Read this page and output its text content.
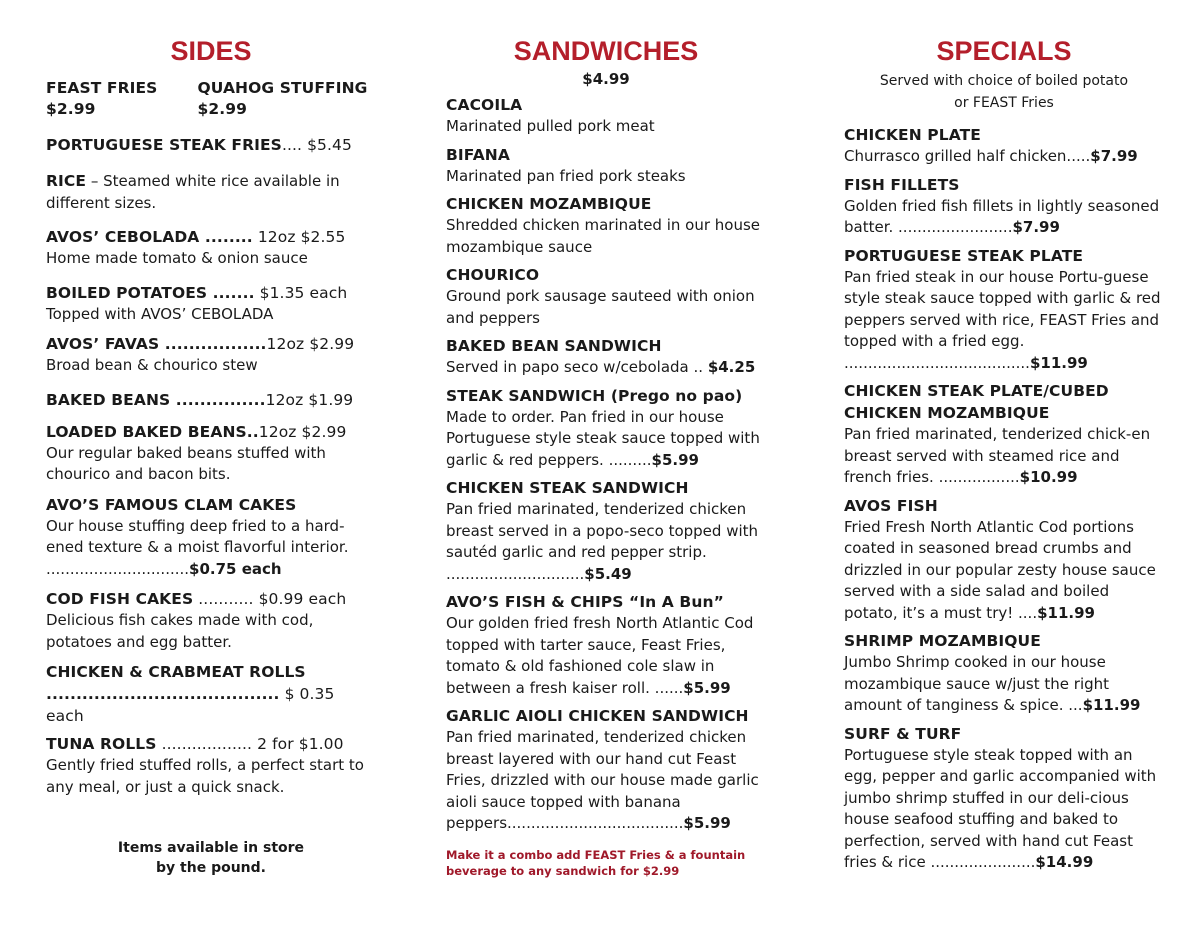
SIDES
FEAST FRIES
$2.99
QUAHOG STUFFING
$2.99
PORTUGUESE STEAK FRIES.... $5.45
RICE – Steamed white rice available in different sizes.
AVOS’ CEBOLADA ........ 12oz $2.55
Home made tomato & onion sauce
BOILED POTATOES ....... $1.35 each
Topped with AVOS’ CEBOLADA
AVOS’ FAVAS .................12oz $2.99
Broad bean & chourico stew
BAKED BEANS ...............12oz $1.99
LOADED BAKED BEANS..12oz $2.99
Our regular baked beans stuffed with chourico and bacon bits.
AVO’S FAMOUS CLAM CAKES
Our house stuffing deep fried to a hard-ened texture & a moist flavorful interior. ..............................$0.75 each
COD FISH CAKES ........... $0.99 each
Delicious fish cakes made with cod, potatoes and egg batter.
CHICKEN & CRABMEAT ROLLS
....................................... $ 0.35 each
TUNA ROLLS .................. 2 for $1.00
Gently fried stuffed rolls, a perfect start to any meal, or just a quick snack.
Items available in store
by the pound.
SANDWICHES
$4.99
CACOILA
Marinated pulled pork meat
BIFANA
Marinated pan fried pork steaks
CHICKEN MOZAMBIQUE
Shredded chicken marinated in our house mozambique sauce
CHOURICO
Ground pork sausage sauteed with onion and peppers
BAKED BEAN SANDWICH
Served in papo seco w/cebolada .. $4.25
STEAK SANDWICH (Prego no pao)
Made to order. Pan fried in our house Portuguese style steak sauce topped with garlic & red peppers. .........$5.99
CHICKEN STEAK SANDWICH
Pan fried marinated, tenderized chicken breast served in a popo-seco topped with sautéd garlic and red pepper strip. .............................$5.49
AVO’S FISH & CHIPS “In A Bun”
Our golden fried fresh North Atlantic Cod topped with tarter sauce, Feast Fries, tomato & old fashioned cole slaw in between a fresh kaiser roll. ......$5.99
GARLIC AIOLI CHICKEN SANDWICH
Pan fried marinated, tenderized chicken breast layered with our hand cut Feast Fries, drizzled with our house made garlic aioli sauce topped with banana peppers.....................................$5.99
Make it a combo add FEAST Fries & a fountain
beverage to any sandwich for $2.99
SPECIALS
Served with choice of boiled potato
or FEAST Fries
CHICKEN PLATE
Churrasco grilled half chicken.....$7.99
FISH FILLETS
Golden fried fish fillets in lightly seasoned batter. ........................$7.99
PORTUGUESE STEAK PLATE
Pan fried steak in our house Portu-guese style steak sauce topped with garlic & red peppers served with rice, FEAST Fries and topped with a fried egg. .......................................$11.99
CHICKEN STEAK PLATE/CUBED CHICKEN MOZAMBIQUE
Pan fried marinated, tenderized chick-en breast served with steamed rice and french fries. .................$10.99
AVOS FISH
Fried Fresh North Atlantic Cod portions coated in seasoned bread crumbs and drizzled in our popular zesty house sauce served with a side salad and boiled potato, it’s a must try! ....$11.99
SHRIMP MOZAMBIQUE
Jumbo Shrimp cooked in our house mozambique sauce w/just the right amount of tanginess & spice. ...$11.99
SURF & TURF
Portuguese style steak topped with an egg, pepper and garlic accompanied with jumbo shrimp stuffed in our deli-cious house seafood stuffing and baked to perfection, served with hand cut Feast fries & rice ......................$14.99
